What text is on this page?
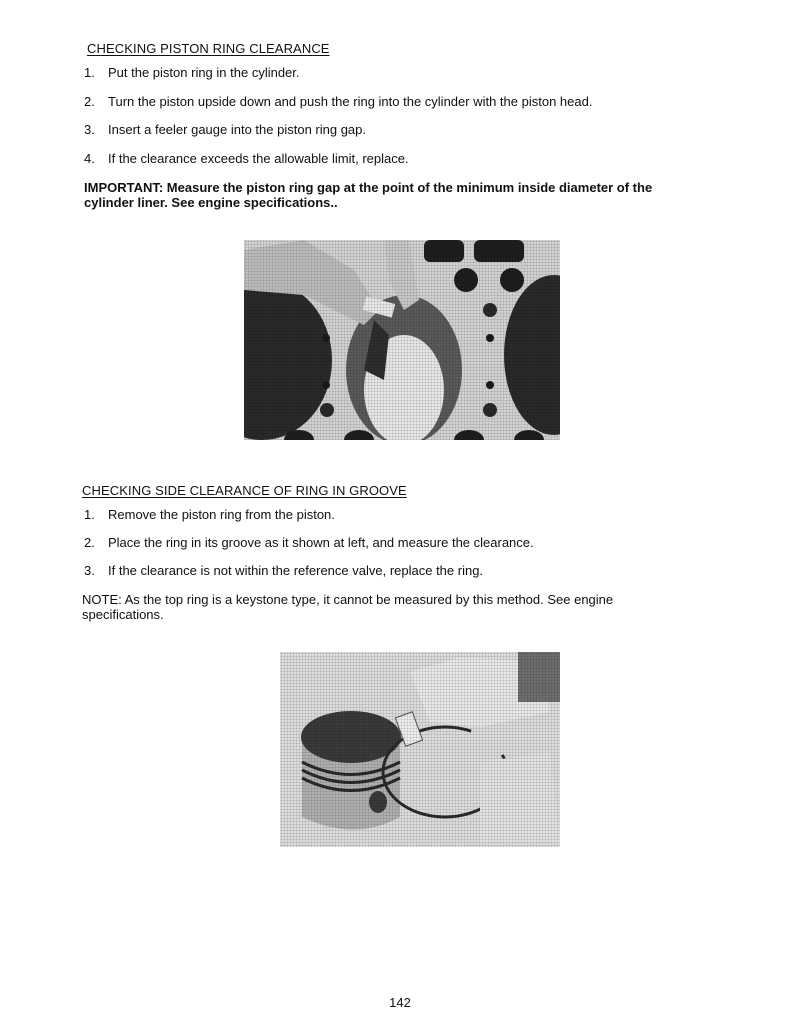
CHECKING PISTON RING CLEARANCE
1.	Put the piston ring in the cylinder.
2.	Turn the piston upside down and push the ring into the cylinder with the piston head.
3.	Insert a feeler gauge into the piston ring gap.
4.	If the clearance exceeds the allowable limit, replace.
IMPORTANT: Measure the piston ring gap at the point of the minimum inside diameter of the cylinder liner. See engine specifications..
CHECKING SIDE CLEARANCE OF RING IN GROOVE
1.	Remove the piston ring from the piston.
2.	Place the ring in its groove as it shown at left, and measure the clearance.
3.	If the clearance is not within the reference valve, replace the ring.
NOTE: As the top ring is a keystone type, it cannot be measured by this method. See engine specifications.
142
